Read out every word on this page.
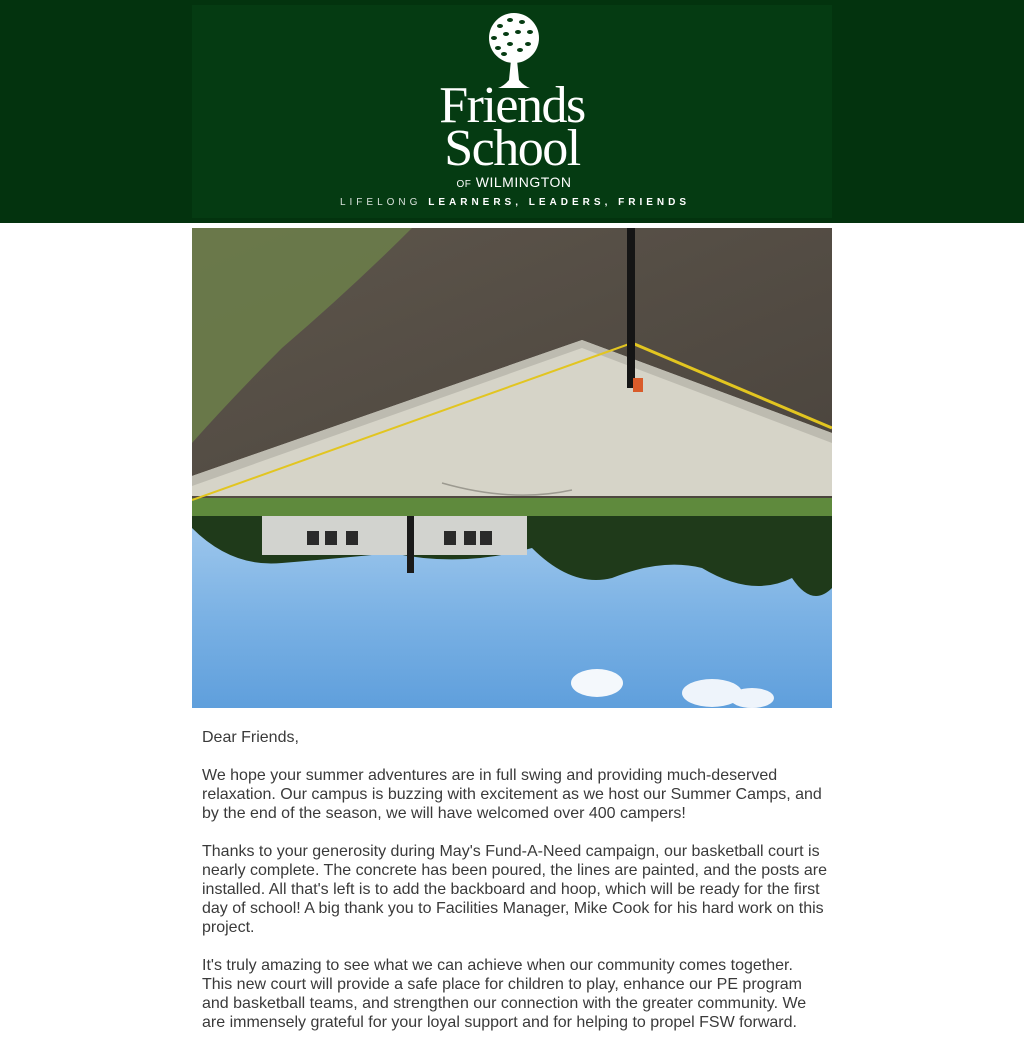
Friends
School
OF WILMINGTON
LIFELONG LEARNERS, LEADERS, FRIENDS

Dear Friends,

We hope your summer adventures are in full swing and providing much-deserved relaxation. Our campus is buzzing with excitement as we host our Summer Camps, and by the end of the season, we will have welcomed over 400 campers!

Thanks to your generosity during May's Fund-A-Need campaign, our basketball court is nearly complete. The concrete has been poured, the lines are painted, and the posts are installed. All that's left is to add the backboard and hoop, which will be ready for the first day of school! A big thank you to Facilities Manager, Mike Cook for his hard work on this project.

It's truly amazing to see what we can achieve when our community comes together. This new court will provide a safe place for children to play, enhance our PE program and basketball teams, and strengthen our connection with the greater community. We are immensely grateful for your loyal support and for helping to propel FSW forward.
